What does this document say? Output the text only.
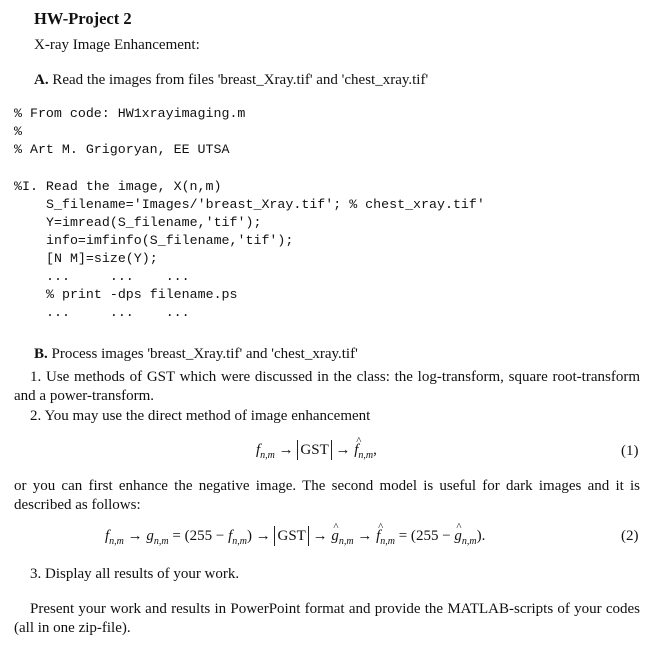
HW-Project 2
X-ray Image Enhancement:
A. Read the images from files 'breast_Xray.tif' and 'chest_xray.tif'
% From code: HW1xrayimaging.m
%
% Art M. Grigoryan, EE UTSA
%I. Read the image, X(n,m)
S_filename='Images/'breast_Xray.tif'; % chest_xray.tif'
Y=imread(S_filename,'tif');
info=imfinfo(S_filename,'tif');
[N M]=size(Y);
...     ...    ...
% print -dps filename.ps
...     ...    ...
B. Process images 'breast_Xray.tif' and 'chest_xray.tif'
1. Use methods of GST which were discussed in the class: the log-transform, square root-transform and a power-transform.
2. You may use the direct method of image enhancement
$f_{n,m}$ → GST → ^ $f_{n,m}$,	(1)
or you can first enhance the negative image. The second model is useful for dark images and it is described as follows:
$f_{n,m} \to g_{n,m} = (255 - f_{n,m})$ → GST → ^ $g_{n,m}$ → ^ $f_{n,m} = (255$ − ^ $g_{n,m}$).	(2)
3. Display all results of your work.
Present your work and results in PowerPoint format and provide the MATLAB-scripts of your codes (all in one zip-file).
